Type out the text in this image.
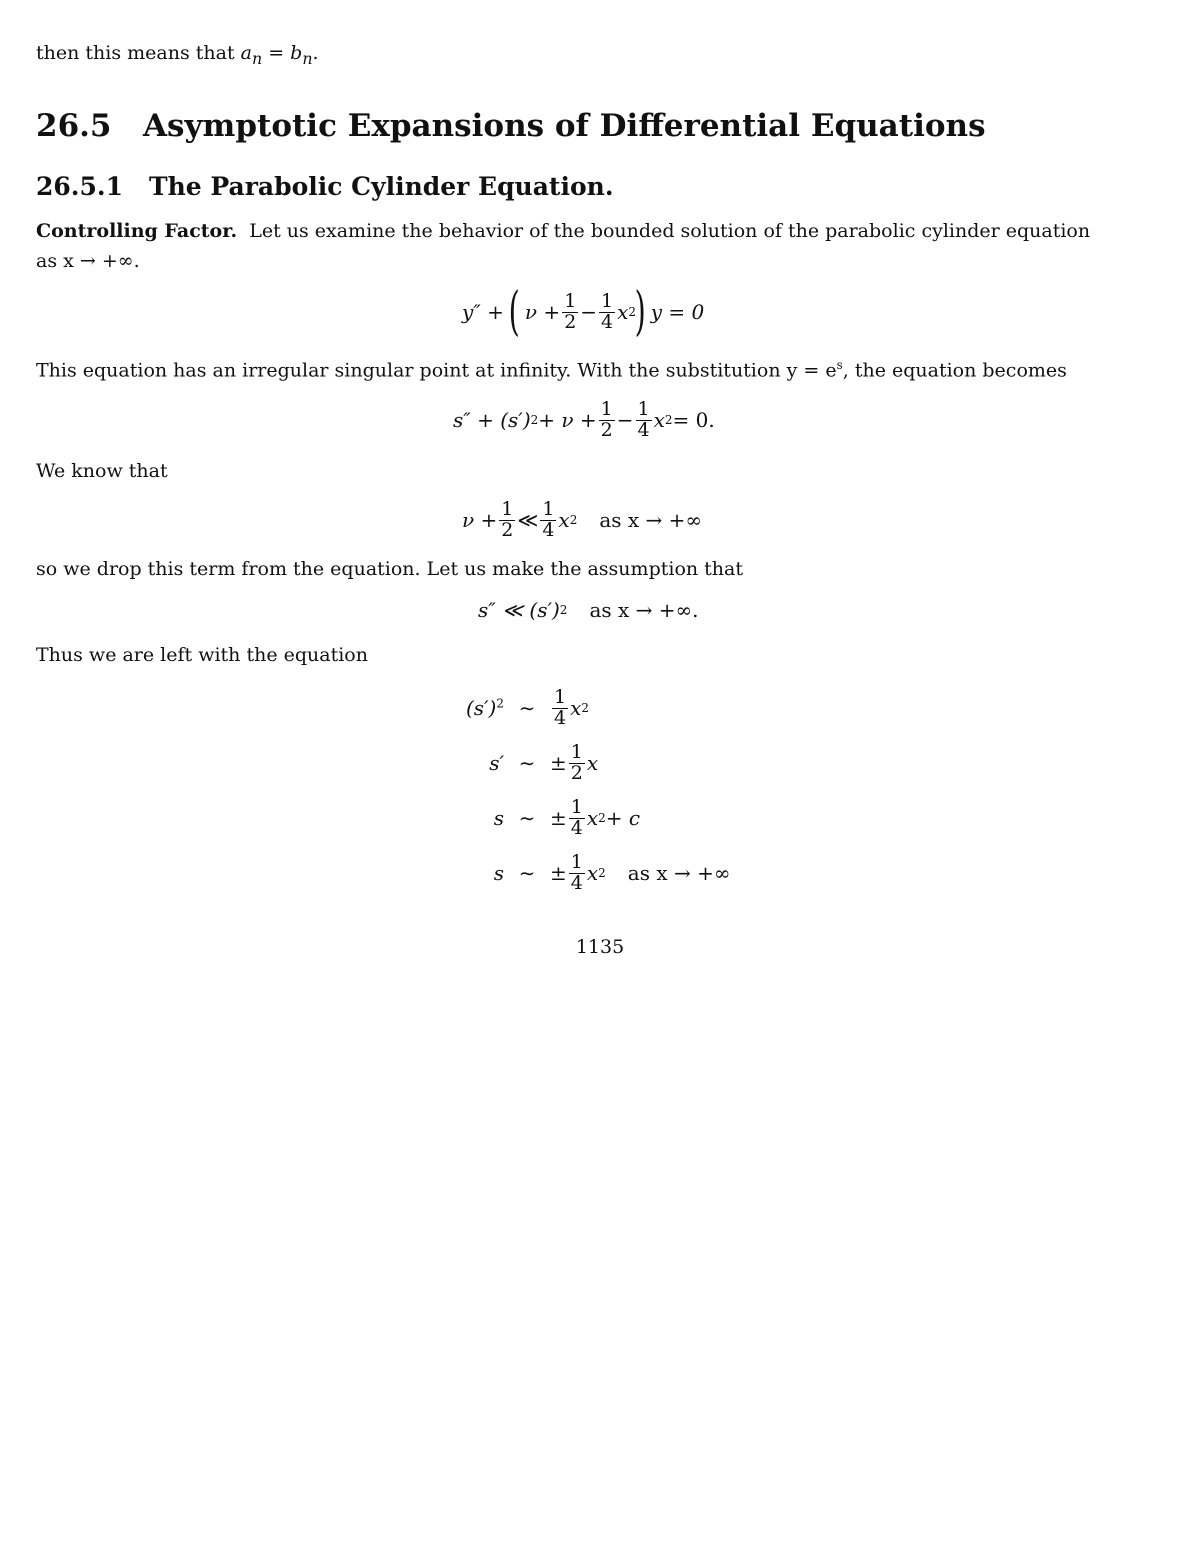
then this means that $a_n = b_n$.
26.5 Asymptotic Expansions of Differential Equations
26.5.1 The Parabolic Cylinder Equation.
Controlling Factor. Let us examine the behavior of the bounded solution of the parabolic cylinder equation
as x → +∞.
y″ +
(
$\nu + \frac{1}{2} - \frac{1}{4}$ x 2
)
y = 0
This equation has an irregular singular point at infinity. With the substitution $y = e^s$, the equation becomes
s″ + (s′) $2 + \nu + \frac{1}{2} - \frac{1}{4}$ x 2 = 0.
We know that
$\nu + \frac{1}{2}$ ≪ $\frac{1}{4}$ x 2 as x → +∞
so we drop this term from the equation. Let us make the assumption that
s″ ≪ (s′) 2 as x → +∞.
Thus we are left with the equation
$(s')^2$ ∼ $\frac{1}{4}$ x 2
s′ ∼ ± $\frac{1}{2}$ x
s ∼ ± $\frac{1}{4}$ x 2 + c
s ∼ ± $\frac{1}{4}$ x 2 as x → +∞
1135
